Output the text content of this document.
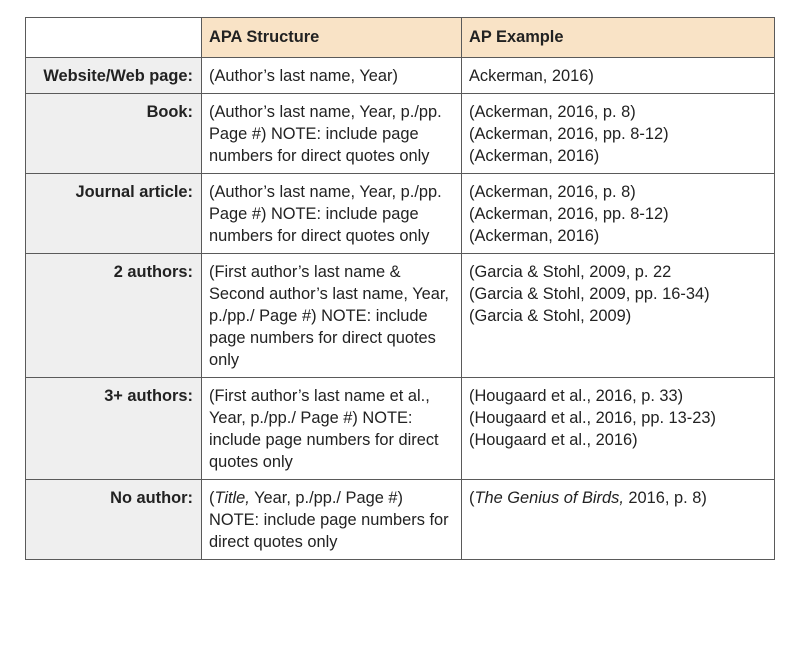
	APA Structure	AP Example
Website/Web page:	(Author’s last name, Year)	Ackerman, 2016)

Book:	(Author’s last name, Year, p./pp. Page #) NOTE: include page numbers for direct quotes only	(Ackerman, 2016, p. 8)
(Ackerman, 2016, pp. 8-12)
(Ackerman, 2016)

Journal article:	(Author’s last name, Year, p./pp. Page #) NOTE: include page numbers for direct quotes only	(Ackerman, 2016, p. 8)
(Ackerman, 2016, pp. 8-12)
(Ackerman, 2016)

2 authors:	(First author’s last name & Second author’s last name, Year, p./pp./ Page #) NOTE: include page numbers for direct quotes only	(Garcia & Stohl, 2009, p. 22
(Garcia & Stohl, 2009, pp. 16-34)
(Garcia & Stohl, 2009)

3+ authors:	(First author’s last name et al., Year, p./pp./ Page #) NOTE: include page numbers for direct quotes only	(Hougaard et al., 2016, p. 33)
(Hougaard et al., 2016, pp. 13-23)
(Hougaard et al., 2016)

No author:	(Title, Year, p./pp./ Page #) NOTE: include page numbers for direct quotes only	(The Genius of Birds, 2016, p. 8)
